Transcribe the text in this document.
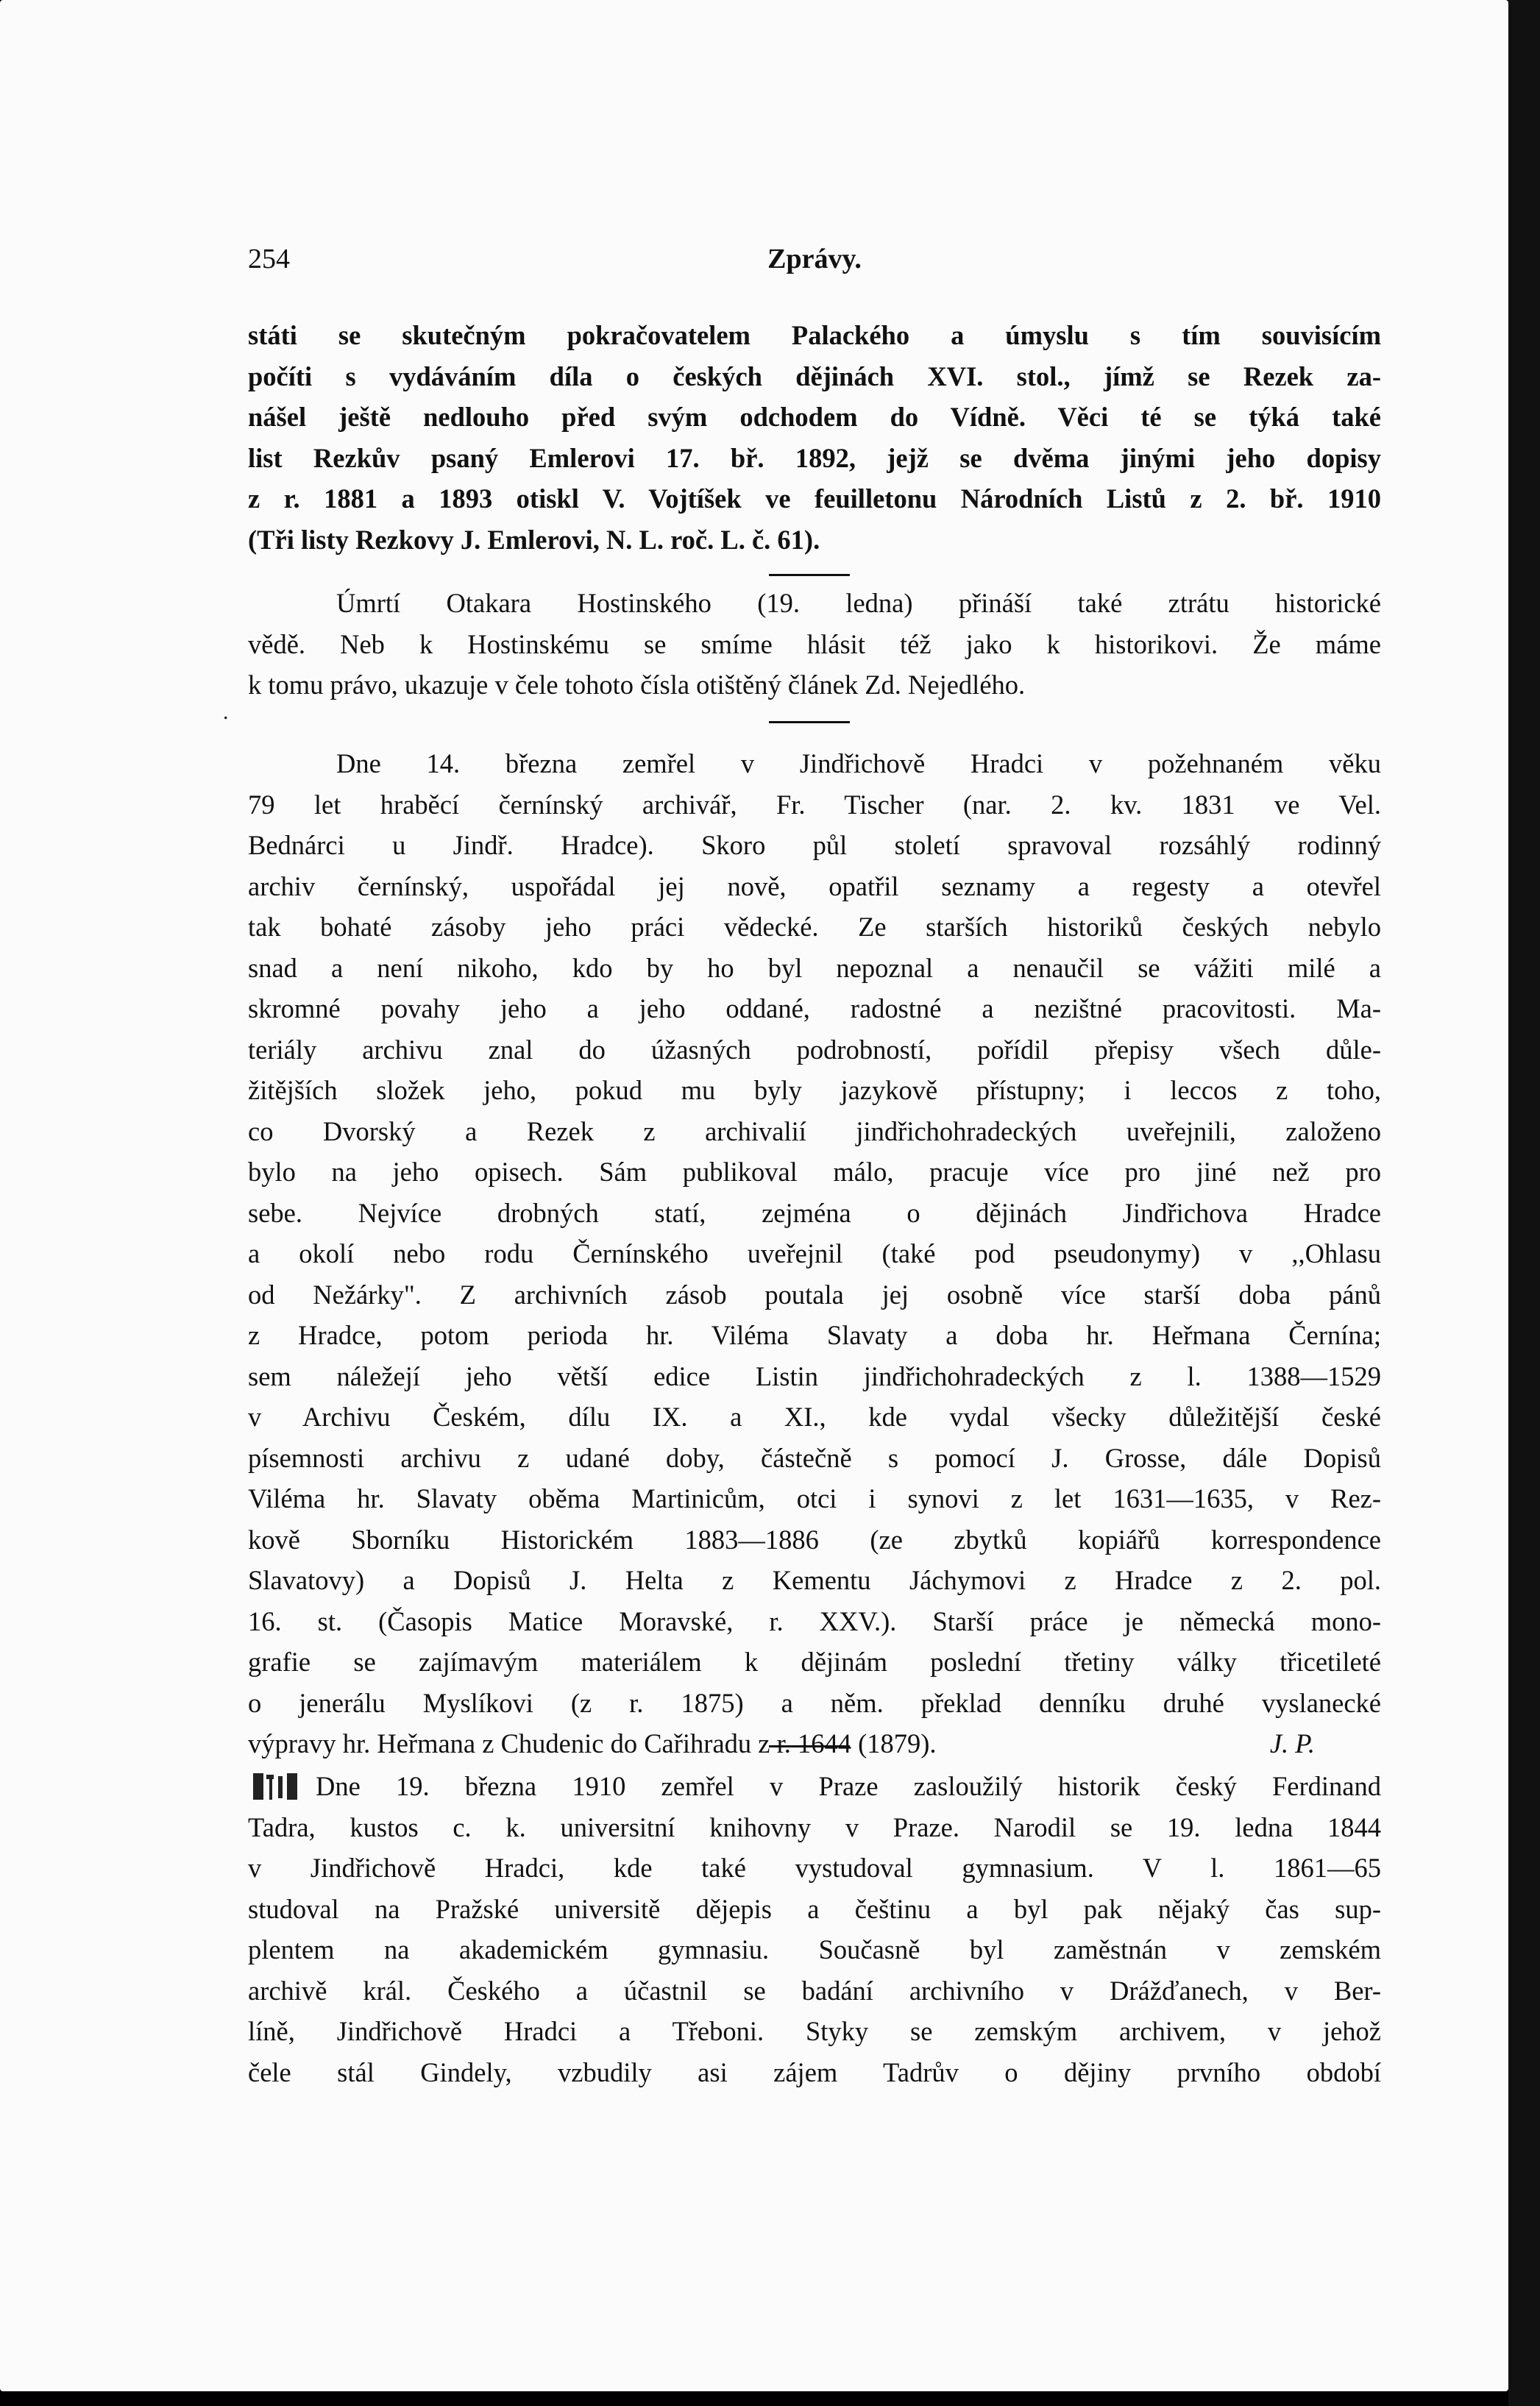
254	Zprávy.

státi se skutečným pokračovatelem Palackého a úmyslu s tím souvisícím
počíti s vydáváním díla o českých dějinách XVI. stol., jímž se Rezek za-
nášel ještě nedlouho před svým odchodem do Vídně. Věci té se týká také
list Rezkův psaný Emlerovi 17. bř. 1892, jejž se dvěma jinými jeho dopisy
z r. 1881 a 1893 otiskl V. Vojtíšek ve feuilletonu Národních Listů z 2. bř. 1910
(Tři listy Rezkovy J. Emlerovi, N. L. roč. L. č. 61).

Úmrtí Otakara Hostinského (19. ledna) přináší také ztrátu historické
vědě. Neb k Hostinskému se smíme hlásit též jako k historikovi. Že máme
k tomu právo, ukazuje v čele tohoto čísla otištěný článek Zd. Nejedlého.

.

Dne 14. března zemřel v Jindřichově Hradci v požehnaném věku
79 let hraběcí černínský archivář, Fr. Tischer (nar. 2. kv. 1831 ve Vel.
Bednárci u Jindř. Hradce). Skoro půl století spravoval rozsáhlý rodinný
archiv černínský, uspořádal jej nově, opatřil seznamy a regesty a otevřel
tak bohaté zásoby jeho práci vědecké. Ze starších historiků českých nebylo
snad a není nikoho, kdo by ho byl nepoznal a nenaučil se vážiti milé a
skromné povahy jeho a jeho oddané, radostné a nezištné pracovitosti. Ma-
teriály archivu znal do úžasných podrobností, pořídil přepisy všech důle-
žitějších složek jeho, pokud mu byly jazykově přístupny; i leccos z toho,
co Dvorský a Rezek z archivalií jindřichohradeckých uveřejnili, založeno
bylo na jeho opisech. Sám publikoval málo, pracuje více pro jiné než pro
sebe. Nejvíce drobných statí, zejména o dějinách Jindřichova Hradce
a okolí nebo rodu Černínského uveřejnil (také pod pseudonymy) v ,,Ohlasu
od Nežárky". Z archivních zásob poutala jej osobně více starší doba pánů
z Hradce, potom perioda hr. Viléma Slavaty a doba hr. Heřmana Černína;
sem náležejí jeho větší edice Listin jindřichohradeckých z l. 1388—1529
v Archivu Českém, dílu IX. a XI., kde vydal všecky důležitější české
písemnosti archivu z udané doby, částečně s pomocí J. Grosse, dále Dopisů
Viléma hr. Slavaty oběma Martinicům, otci i synovi z let 1631—1635, v Rez-
kově Sborníku Historickém 1883—1886 (ze zbytků kopiářů korrespondence
Slavatovy) a Dopisů J. Helta z Kementu Jáchymovi z Hradce z 2. pol.
16. st. (Časopis Matice Moravské, r. XXV.). Starší práce je německá mono-
grafie se zajímavým materiálem k dějinám poslední třetiny války třicetileté
o jenerálu Myslíkovi (z r. 1875) a něm. překlad denníku druhé vyslanecké
výpravy hr. Heřmana z Chudenic do Cařihradu z r. 1644 (1879).	J. P.

Dne 19. března 1910 zemřel v Praze zasloužilý historik český Ferdinand
Tadra, kustos c. k. universitní knihovny v Praze. Narodil se 19. ledna 1844
v Jindřichově Hradci, kde také vystudoval gymnasium. V l. 1861—65
studoval na Pražské universitě dějepis a češtinu a byl pak nějaký čas sup-
plentem na akademickém gymnasiu. Současně byl zaměstnán v zemském
archivě král. Českého a účastnil se badání archivního v Drážďanech, v Ber-
líně, Jindřichově Hradci a Třeboni. Styky se zemským archivem, v jehož
čele stál Gindely, vzbudily asi zájem Tadrův o dějiny prvního období
